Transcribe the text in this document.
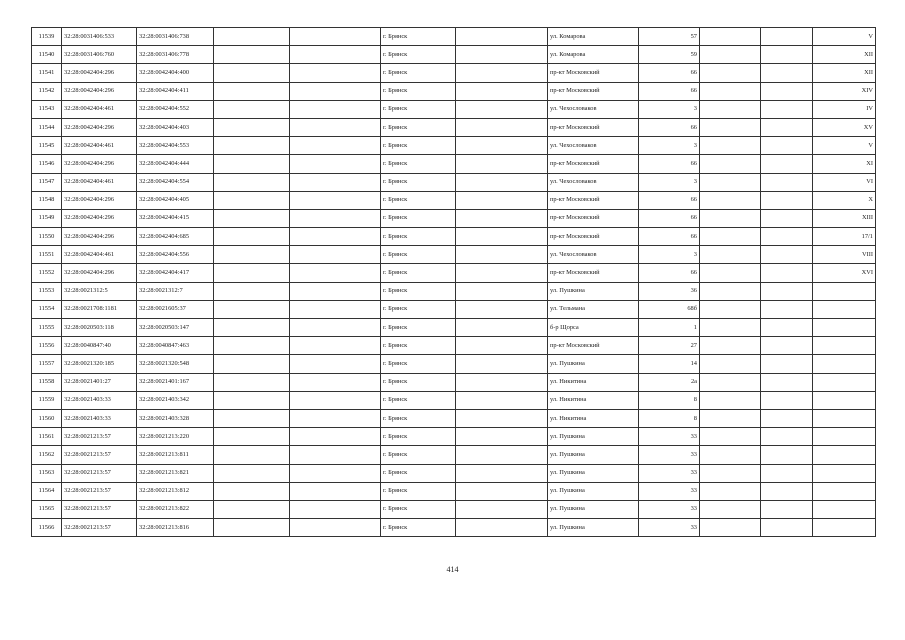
11539	32:28:0031406:533	32:28:0031406:738			г. Брянск		ул. Комарова	57			V
11540	32:28:0031406:760	32:28:0031406:778			г. Брянск		ул. Комарова	59			XII
11541	32:28:0042404:296	32:28:0042404:400			г. Брянск		пр-кт Московский	66			XII
11542	32:28:0042404:296	32:28:0042404:411			г. Брянск		пр-кт Московский	66			XIV
11543	32:28:0042404:461	32:28:0042404:552			г. Брянск		ул. Чехословаков	3			IV
11544	32:28:0042404:296	32:28:0042404:403			г. Брянск		пр-кт Московский	66			XV
11545	32:28:0042404:461	32:28:0042404:553			г. Брянск		ул. Чехословаков	3			V
11546	32:28:0042404:296	32:28:0042404:444			г. Брянск		пр-кт Московский	66			XI
11547	32:28:0042404:461	32:28:0042404:554			г. Брянск		ул. Чехословаков	3			VI
11548	32:28:0042404:296	32:28:0042404:405			г. Брянск		пр-кт Московский	66			X
11549	32:28:0042404:296	32:28:0042404:415			г. Брянск		пр-кт Московский	66			XIII
11550	32:28:0042404:296	32:28:0042404:685			г. Брянск		пр-кт Московский	66			17/1
11551	32:28:0042404:461	32:28:0042404:556			г. Брянск		ул. Чехословаков	3			VIII
11552	32:28:0042404:296	32:28:0042404:417			г. Брянск		пр-кт Московский	66			XVI
11553	32:28:0021312:5	32:28:0021312:7			г. Брянск		ул. Пушкина	36			
11554	32:28:0021708:1181	32:28:0021605:37			г. Брянск		ул. Тельмана	68б			
11555	32:28:0020503:118	32:28:0020503:147			г. Брянск		б-р Щорса	1			
11556	32:28:0040847:40	32:28:0040847:463			г. Брянск		пр-кт Московский	27			
11557	32:28:0021320:185	32:28:0021320:548			г. Брянск		ул. Пушкина	14			
11558	32:28:0021401:27	32:28:0021401:167			г. Брянск		ул. Никитина	2а			
11559	32:28:0021403:33	32:28:0021403:342			г. Брянск		ул. Никитина	8			
11560	32:28:0021403:33	32:28:0021403:328			г. Брянск		ул. Никитина	8			
11561	32:28:0021213:57	32:28:0021213:220			г. Брянск		ул. Пушкина	33			
11562	32:28:0021213:57	32:28:0021213:811			г. Брянск		ул. Пушкина	33			
11563	32:28:0021213:57	32:28:0021213:821			г. Брянск		ул. Пушкина	33			
11564	32:28:0021213:57	32:28:0021213:812			г. Брянск		ул. Пушкина	33			
11565	32:28:0021213:57	32:28:0021213:822			г. Брянск		ул. Пушкина	33			
11566	32:28:0021213:57	32:28:0021213:816			г. Брянск		ул. Пушкина	33			
414
